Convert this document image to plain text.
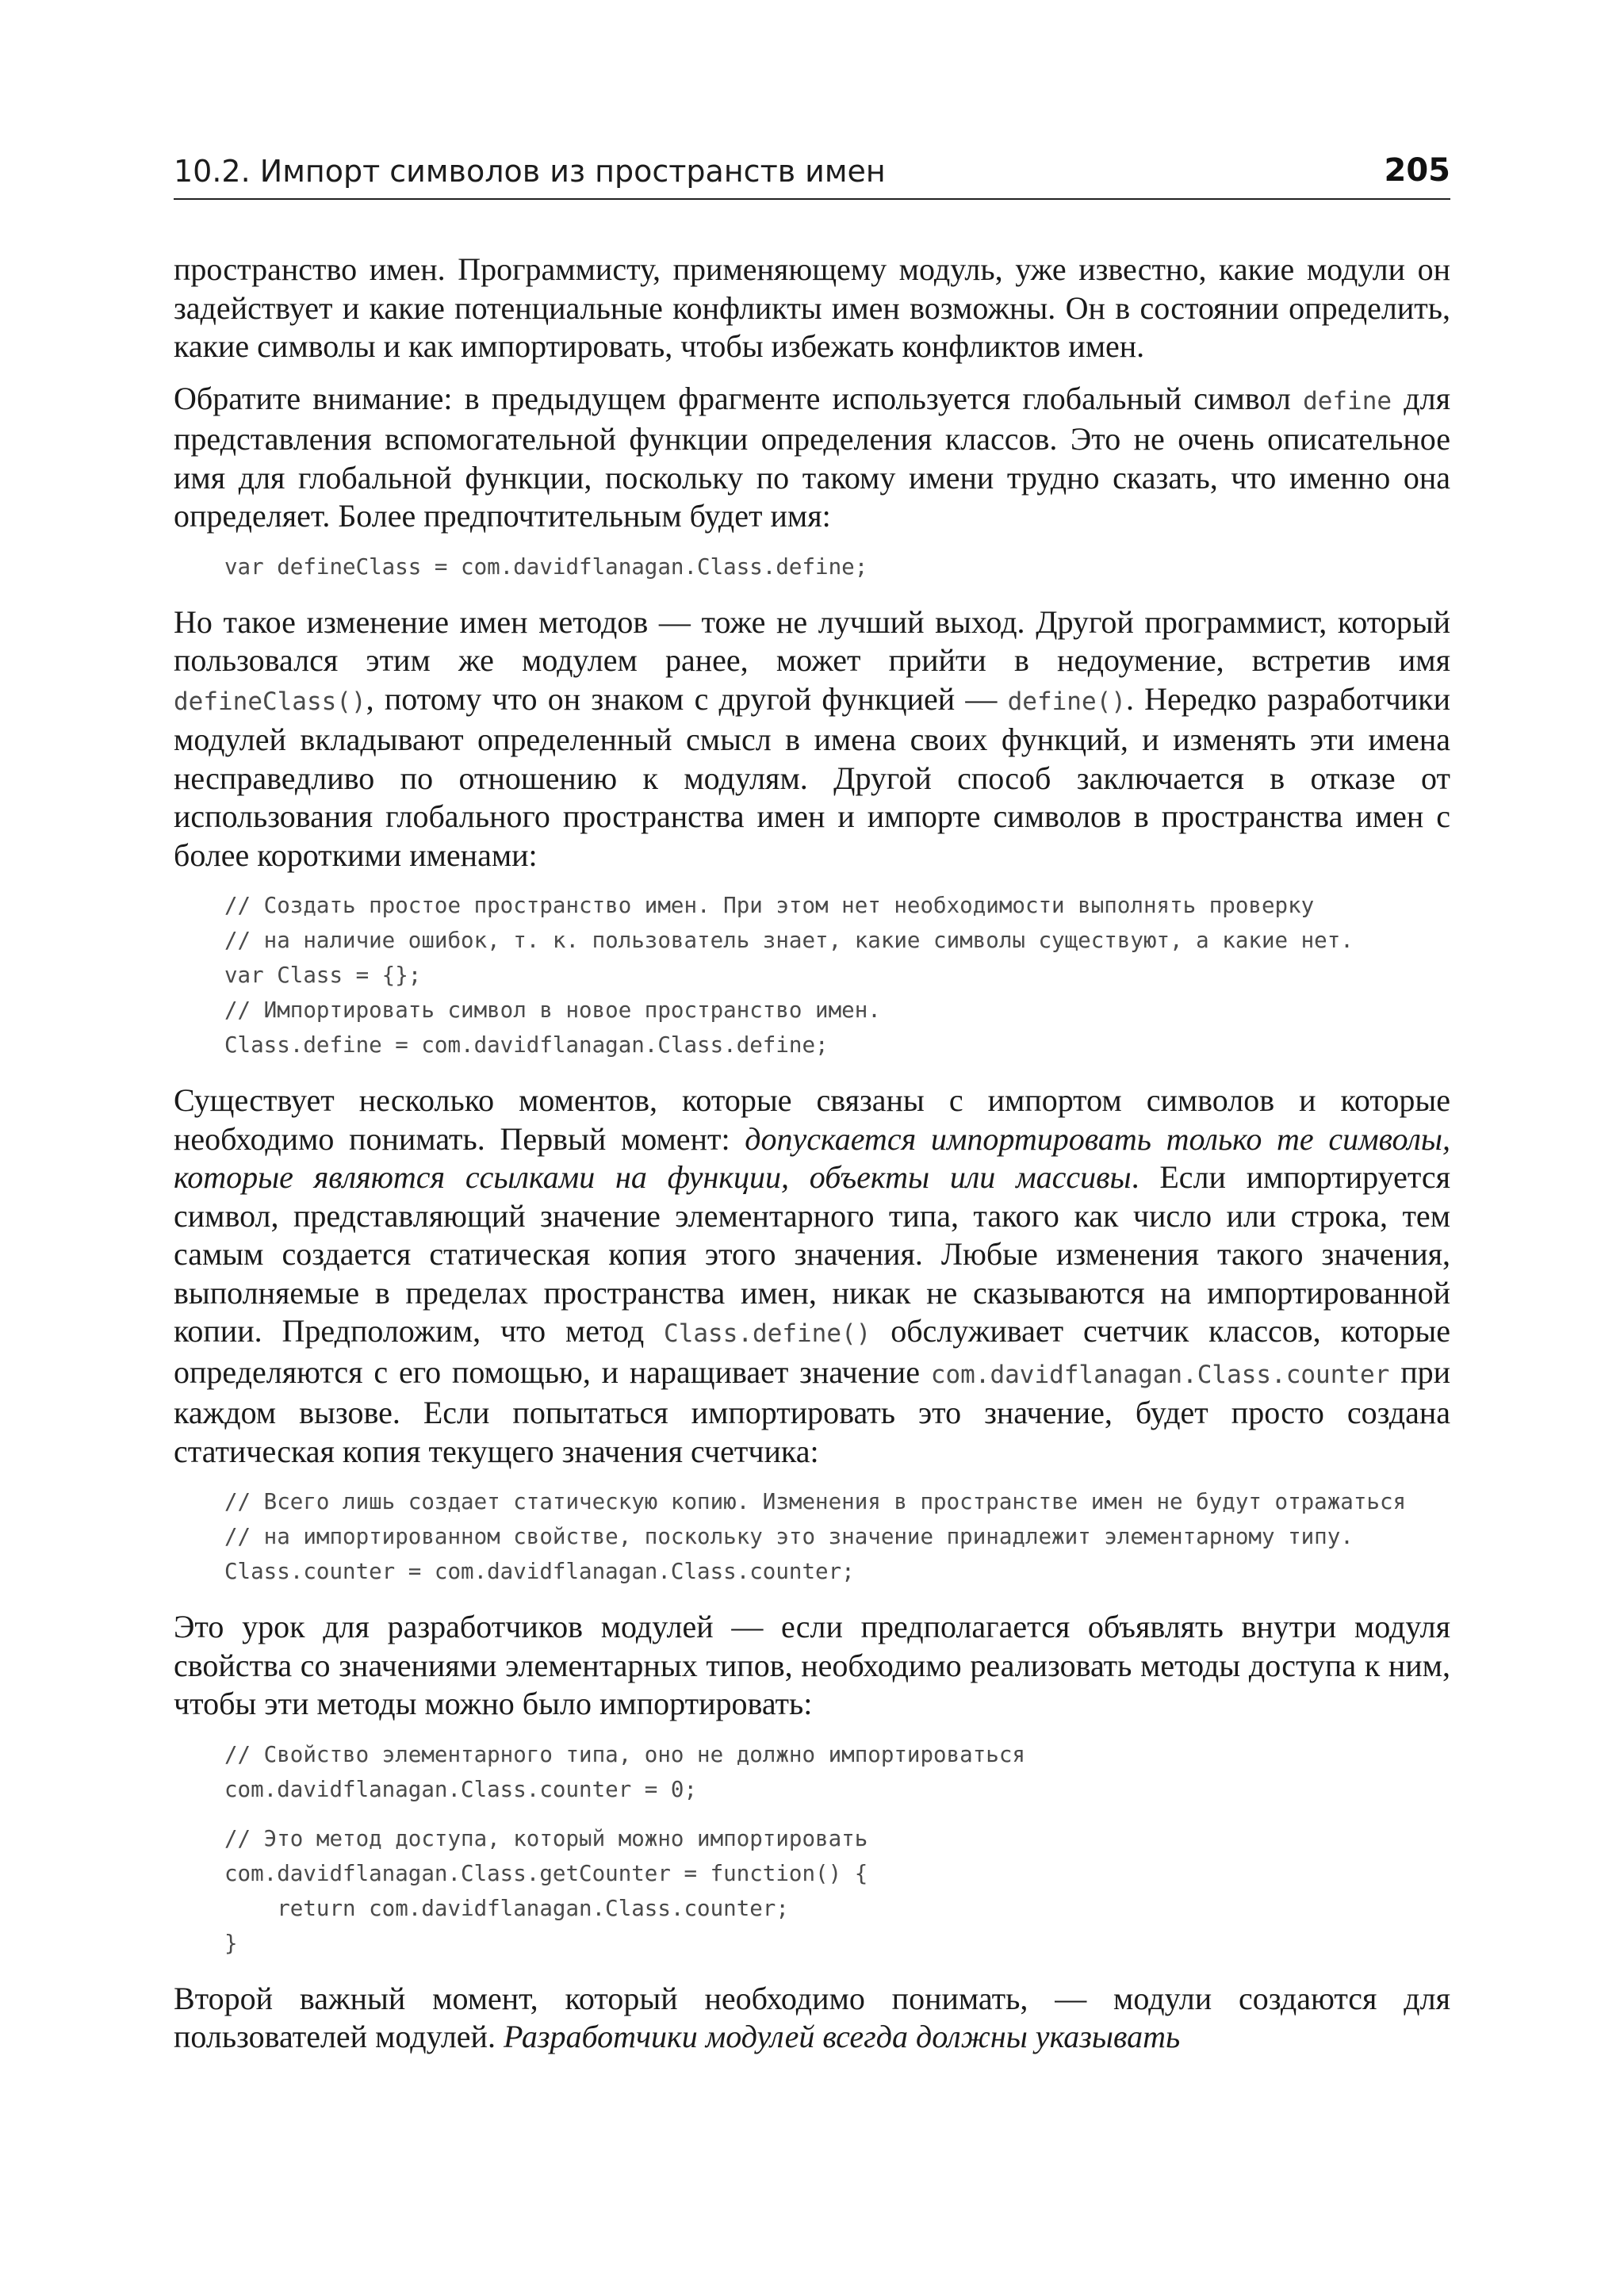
10.2. Импорт символов из пространств имен	205

пространство имен. Программисту, применяющему модуль, уже известно, какие модули он задействует и какие потенциальные конфликты имен возможны. Он в состоянии определить, какие символы и как импортировать, чтобы избежать конфликтов имен.

Обратите внимание: в предыдущем фрагменте используется глобальный символ define для представления вспомогательной функции определения классов. Это не очень описательное имя для глобальной функции, поскольку по такому имени трудно сказать, что именно она определяет. Более предпочтительным будет имя:

var defineClass = com.davidflanagan.Class.define;

Но такое изменение имен методов — тоже не лучший выход. Другой программист, который пользовался этим же модулем ранее, может прийти в недоумение, встретив имя defineClass(), потому что он знаком с другой функцией — define(). Нередко разработчики модулей вкладывают определенный смысл в имена своих функций, и изменять эти имена несправедливо по отношению к модулям. Другой способ заключается в отказе от использования глобального пространства имен и импорте символов в пространства имен с более короткими именами:

// Создать простое пространство имен. При этом нет необходимости выполнять проверку
// на наличие ошибок, т. к. пользователь знает, какие символы существуют, а какие нет.
var Class = {};
// Импортировать символ в новое пространство имен.
Class.define = com.davidflanagan.Class.define;

Существует несколько моментов, которые связаны с импортом символов и которые необходимо понимать. Первый момент: допускается импортировать только те символы, которые являются ссылками на функции, объекты или массивы. Если импортируется символ, представляющий значение элементарного типа, такого как число или строка, тем самым создается статическая копия этого значения. Любые изменения такого значения, выполняемые в пределах пространства имен, никак не сказываются на импортированной копии. Предположим, что метод Class.define() обслуживает счетчик классов, которые определяются с его помощью, и наращивает значение com.davidflanagan.Class.counter при каждом вызове. Если попытаться импортировать это значение, будет просто создана статическая копия текущего значения счетчика:

// Всего лишь создает статическую копию. Изменения в пространстве имен не будут отражаться
// на импортированном свойстве, поскольку это значение принадлежит элементарному типу.
Class.counter = com.davidflanagan.Class.counter;

Это урок для разработчиков модулей — если предполагается объявлять внутри модуля свойства со значениями элементарных типов, необходимо реализовать методы доступа к ним, чтобы эти методы можно было импортировать:

// Свойство элементарного типа, оно не должно импортироваться
com.davidflanagan.Class.counter = 0;
// Это метод доступа, который можно импортировать
com.davidflanagan.Class.getCounter = function() {
return com.davidflanagan.Class.counter;
}

Второй важный момент, который необходимо понимать, — модули создаются для пользователей модулей. Разработчики модулей всегда должны указывать
